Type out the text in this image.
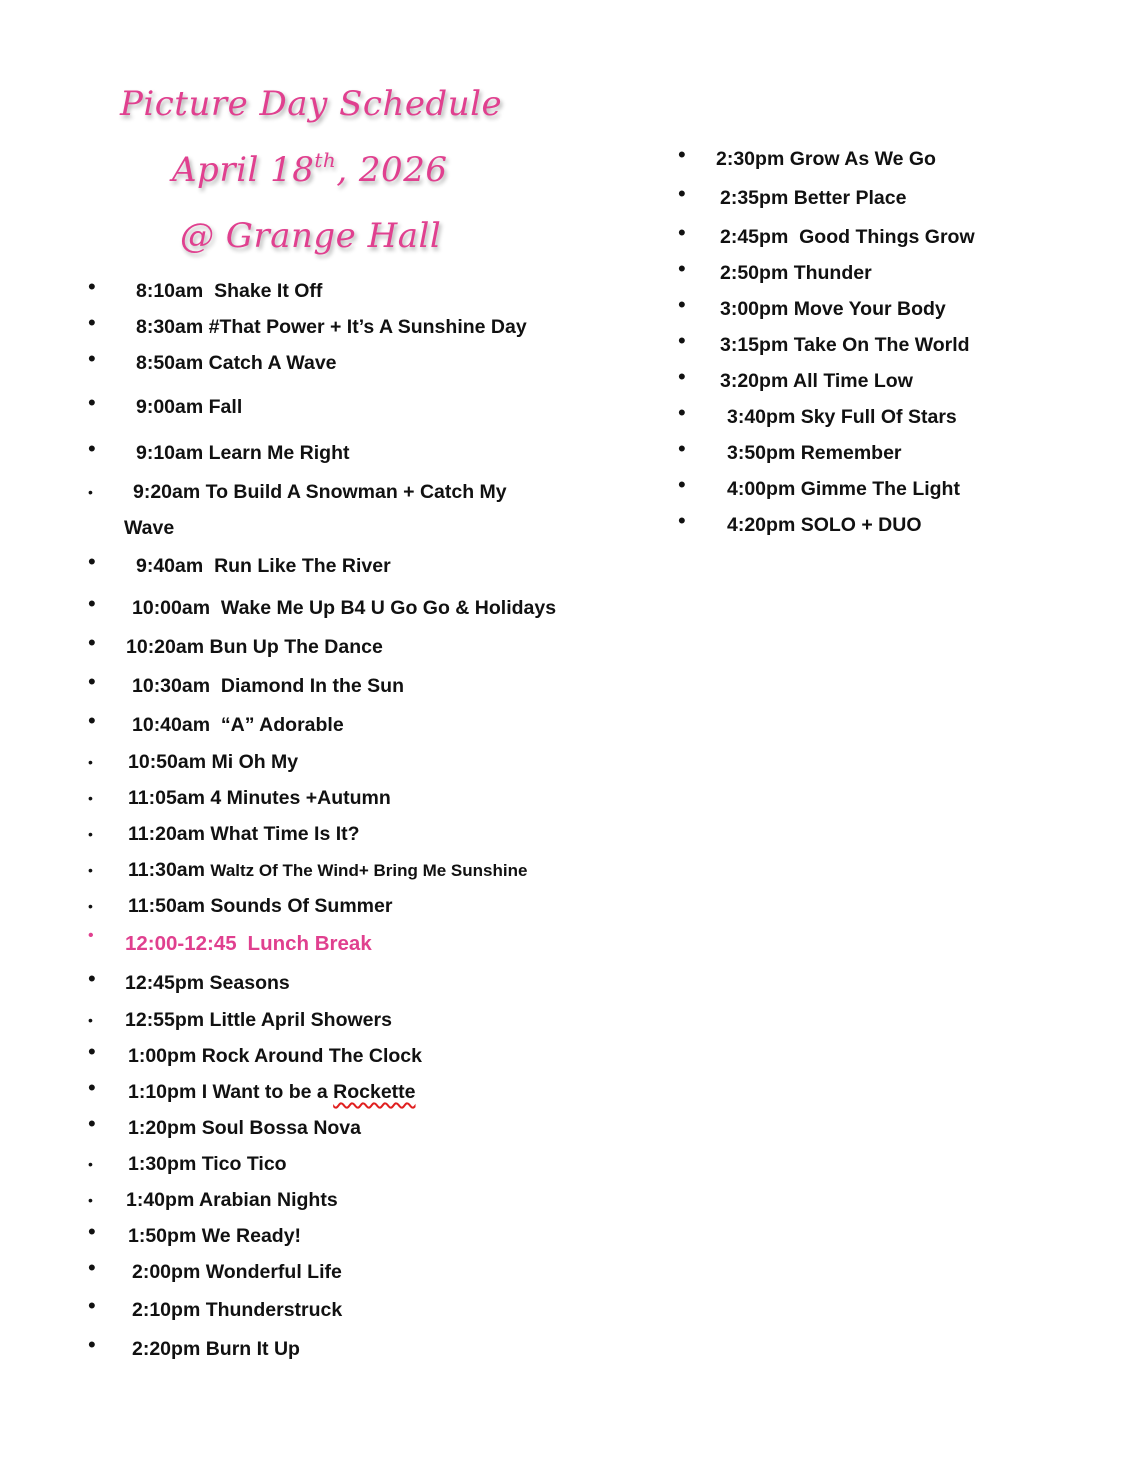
Picture Day Schedule
April 18th, 2026
@ Grange Hall
• 8:10am Shake It Off
• 8:30am #That Power + It’s A Sunshine Day
• 8:50am Catch A Wave
• 9:00am Fall
• 9:10am Learn Me Right
• 9:20am To Build A Snowman + Catch My
Wave
• 9:40am Run Like The River
• 10:00am Wake Me Up B4 U Go Go & Holidays
• 10:20am Bun Up The Dance
• 10:30am Diamond In the Sun
• 10:40am “A” Adorable
• 10:50am Mi Oh My
• 11:05am 4 Minutes +Autumn
• 11:20am What Time Is It?
• 11:30am Waltz Of The Wind+ Bring Me Sunshine
• 11:50am Sounds Of Summer
• 12:00-12:45 Lunch Break
• 12:45pm Seasons
• 12:55pm Little April Showers
• 1:00pm Rock Around The Clock
• 1:10pm I Want to be a Rockette
• 1:20pm Soul Bossa Nova
• 1:30pm Tico Tico
• 1:40pm Arabian Nights
• 1:50pm We Ready!
• 2:00pm Wonderful Life
• 2:10pm Thunderstruck
• 2:20pm Burn It Up
• 2:30pm Grow As We Go
• 2:35pm Better Place
• 2:45pm Good Things Grow
• 2:50pm Thunder
• 3:00pm Move Your Body
• 3:15pm Take On The World
• 3:20pm All Time Low
• 3:40pm Sky Full Of Stars
• 3:50pm Remember
• 4:00pm Gimme The Light
• 4:20pm SOLO + DUO
